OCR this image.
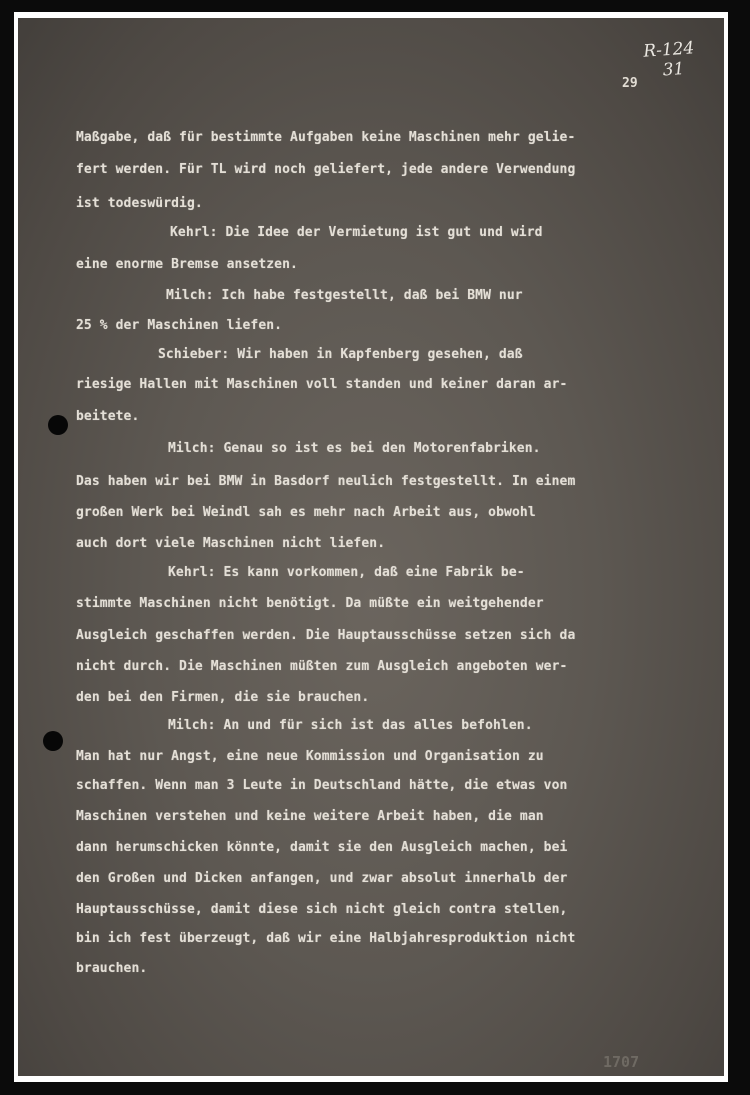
29
R-124
31
Maßgabe, daß für bestimmte Aufgaben keine Maschinen mehr gelie-
fert werden. Für TL wird noch geliefert, jede andere Verwendung
ist todeswürdig.
Kehrl: Die Idee der Vermietung ist gut und wird
eine enorme Bremse ansetzen.
Milch: Ich habe festgestellt, daß bei BMW nur
25 % der Maschinen liefen.
Schieber: Wir haben in Kapfenberg gesehen, daß
riesige Hallen mit Maschinen voll standen und keiner daran ar-
beitete.
Milch: Genau so ist es bei den Motorenfabriken.
Das haben wir bei BMW in Basdorf neulich festgestellt. In einem
großen Werk bei Weindl sah es mehr nach Arbeit aus, obwohl
auch dort viele Maschinen nicht liefen.
Kehrl: Es kann vorkommen, daß eine Fabrik be-
stimmte Maschinen nicht benötigt. Da müßte ein weitgehender
Ausgleich geschaffen werden. Die Hauptausschüsse setzen sich da
nicht durch. Die Maschinen müßten zum Ausgleich angeboten wer-
den bei den Firmen, die sie brauchen.
Milch: An und für sich ist das alles befohlen.
Man hat nur Angst, eine neue Kommission und Organisation zu
schaffen. Wenn man 3 Leute in Deutschland hätte, die etwas von
Maschinen verstehen und keine weitere Arbeit haben, die man
dann herumschicken könnte, damit sie den Ausgleich machen, bei
den Großen und Dicken anfangen, und zwar absolut innerhalb der
Hauptausschüsse, damit diese sich nicht gleich contra stellen,
bin ich fest überzeugt, daß wir eine Halbjahresproduktion nicht
brauchen.
1707
